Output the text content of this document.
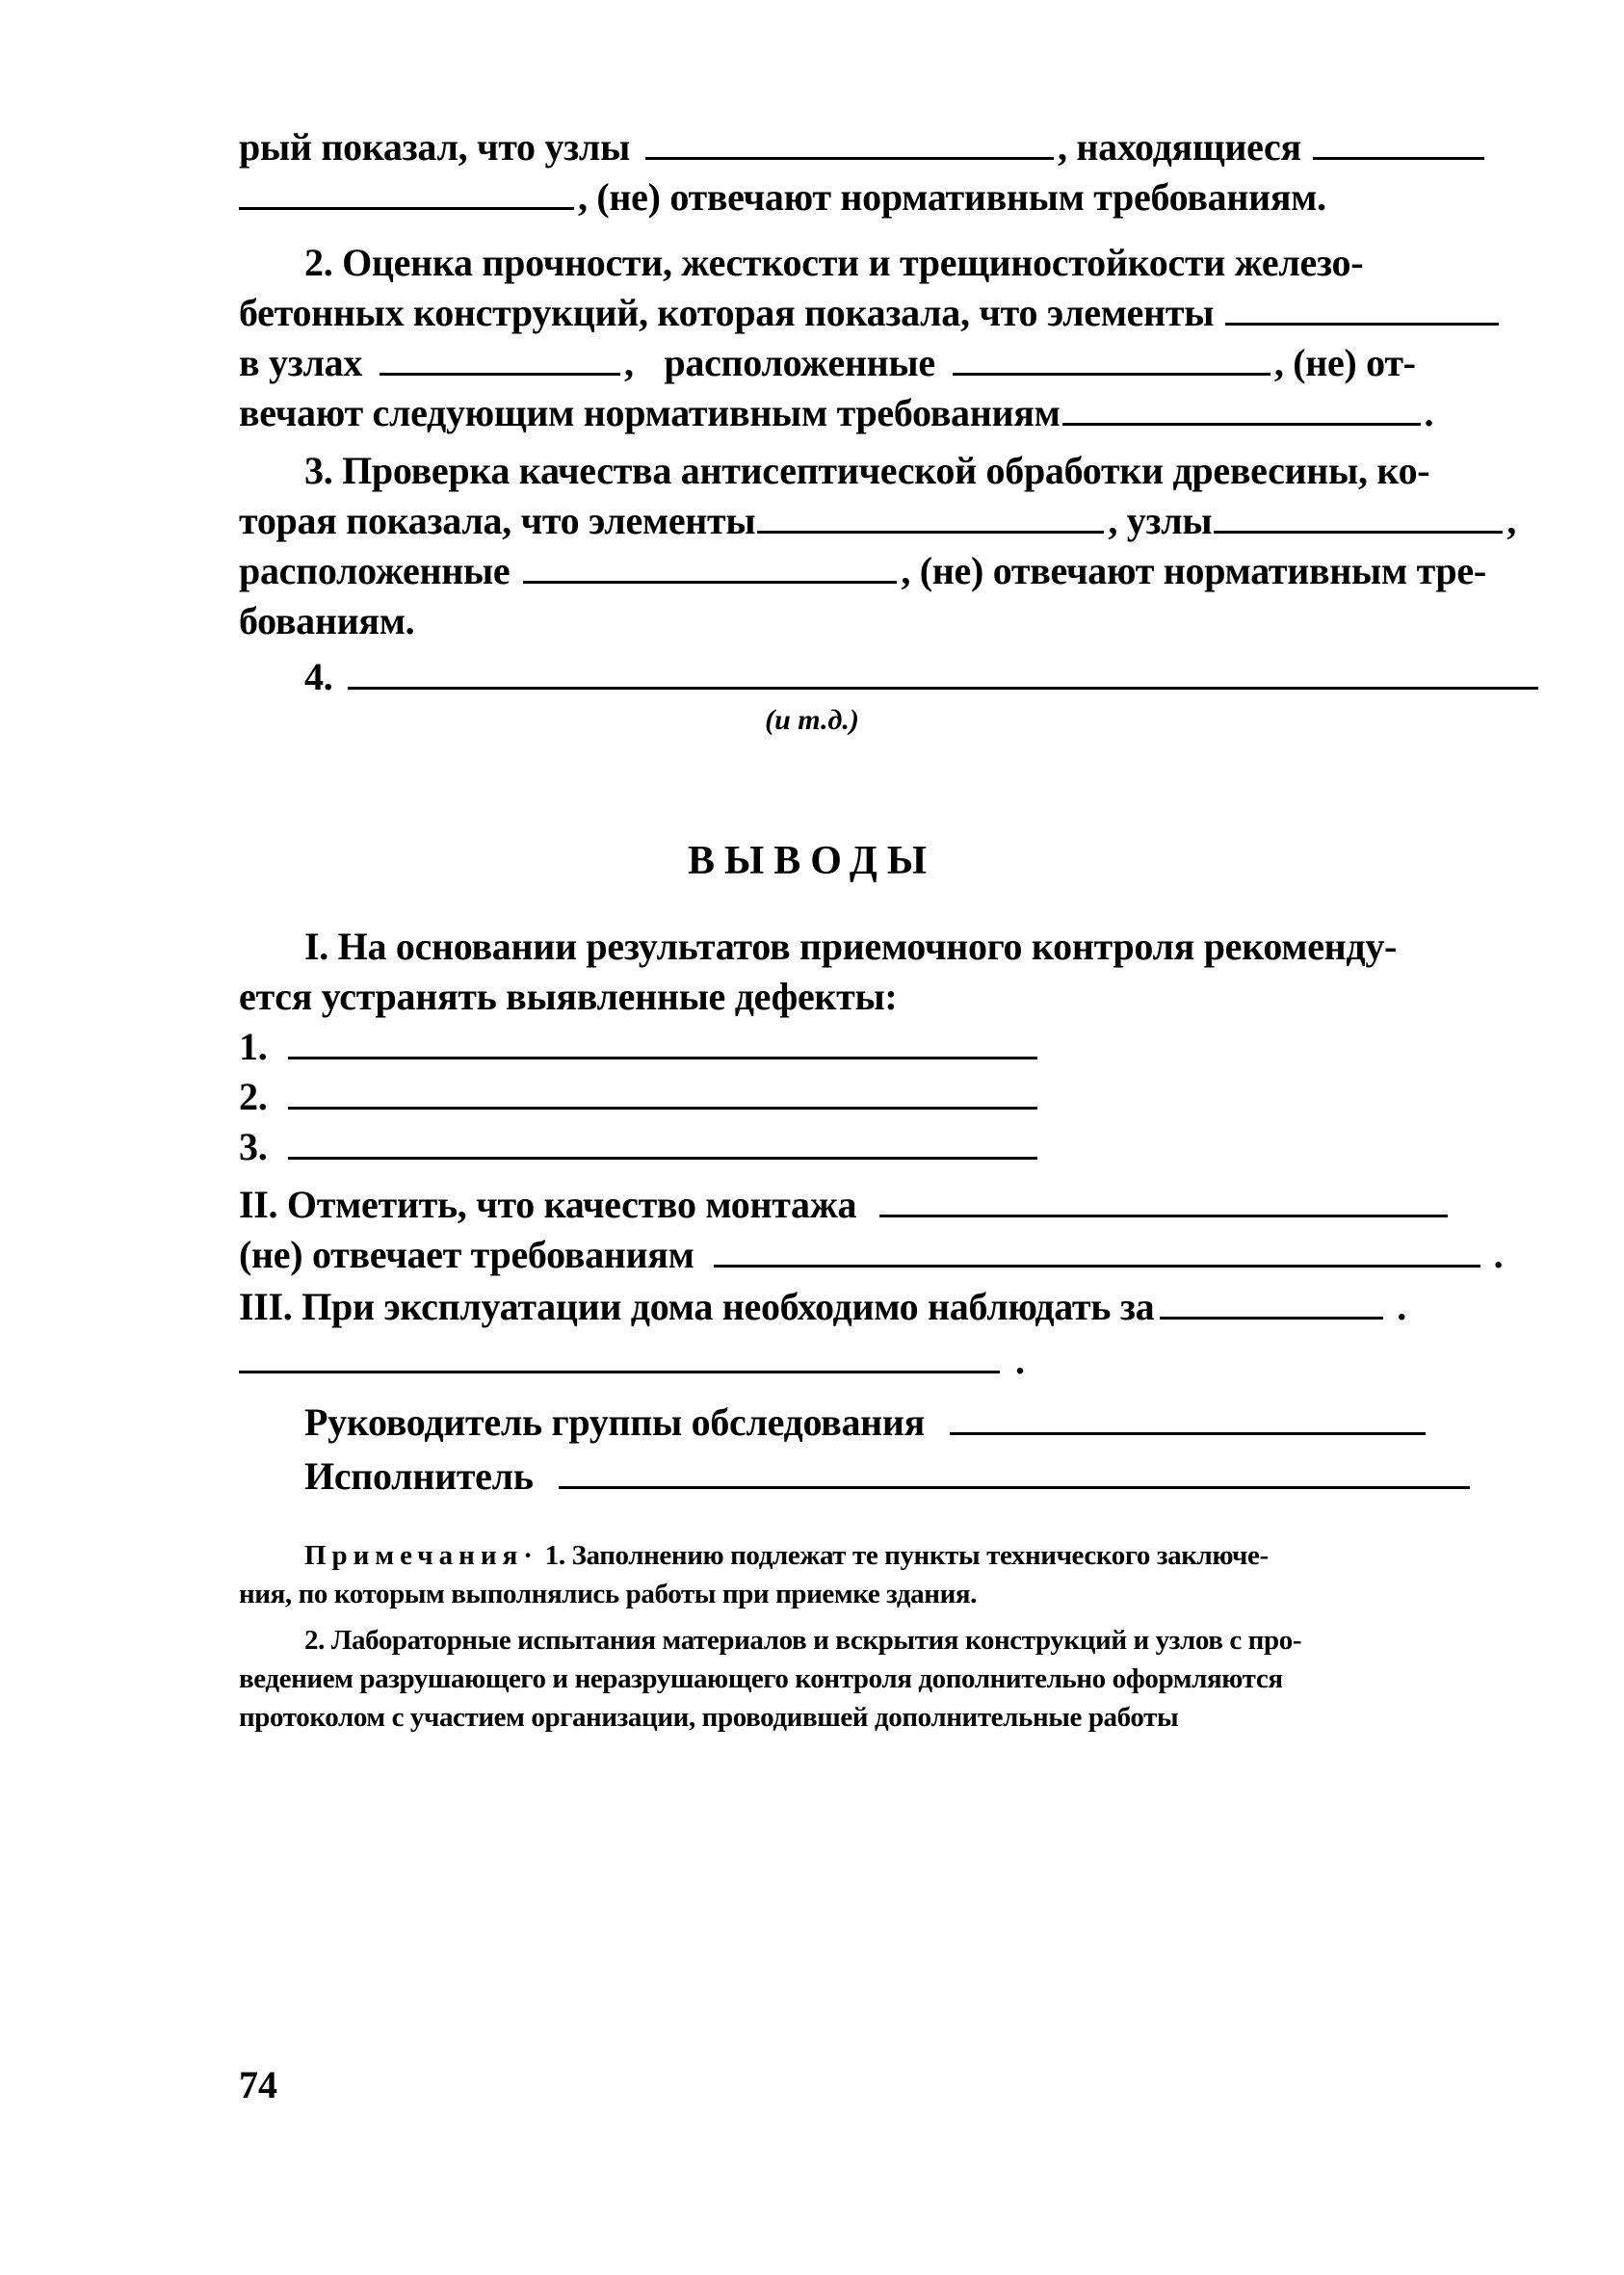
рый показал, что узлы	, находящиеся
, (не) отвечают нормативным требованиям.
2. Оценка прочности, жесткости и трещиностойкости железо-
бетонных конструкций, которая показала, что элементы
в узлах	, расположенные	, (не) от-
вечают следующим нормативным требованиям	.
3. Проверка качества антисептической обработки древесины, ко-
торая показала, что элементы	, узлы	,
расположенные	, (не) отвечают нормативным тре-
бованиям.
4.
(и т.д.)
ВЫВОДЫ
I. На основании результатов приемочного контроля рекоменду-
ется устранять выявленные дефекты:
1.
2.
3.
II. Отметить, что качество монтажа
(не) отвечает требованиям	.
III. При эксплуатации дома необходимо наблюдать за	.
.
Руководитель группы обследования
Исполнитель
Примечания· 1. Заполнению подлежат те пункты технического заключе-
ния, по которым выполнялись работы при приемке здания.
2. Лабораторные испытания материалов и вскрытия конструкций и узлов с про-
ведением разрушающего и неразрушающего контроля дополнительно оформляются
протоколом с участием организации, проводившей дополнительные работы
74
